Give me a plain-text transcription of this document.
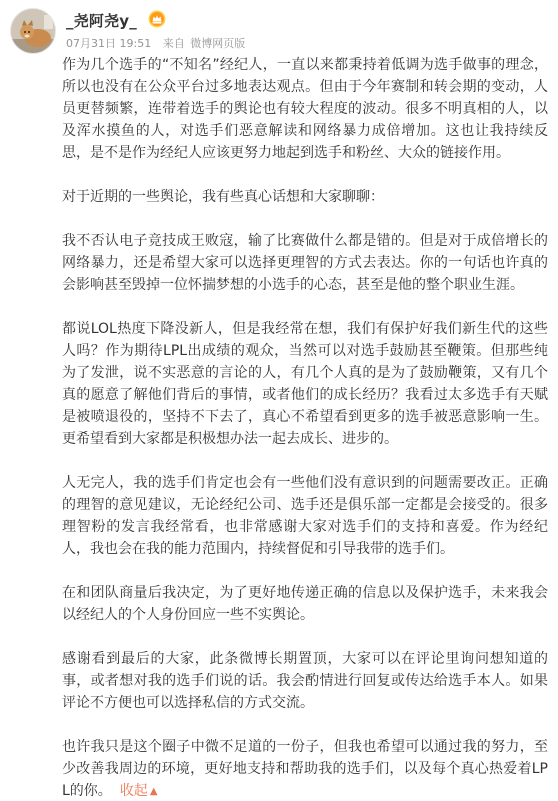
_尧阿尧y_
07月31日 19:51 来自 微博网页版

作为几个选手的“不知名”经纪人，一直以来都秉持着低调为选手做事的理念，所以也没有在公众平台过多地表达观点。但由于今年赛制和转会期的变动，人员更替频繁，连带着选手的舆论也有较大程度的波动。很多不明真相的人，以及浑水摸鱼的人，对选手们恶意解读和网络暴力成倍增加。这也让我持续反思，是不是作为经纪人应该更努力地起到选手和粉丝、大众的链接作用。

对于近期的一些舆论，我有些真心话想和大家聊聊：

我不否认电子竞技成王败寇，输了比赛做什么都是错的。但是对于成倍增长的网络暴力，还是希望大家可以选择更理智的方式去表达。你的一句话也许真的会影响甚至毁掉一位怀揣梦想的小选手的心态，甚至是他的整个职业生涯。

都说LOL热度下降没新人，但是我经常在想，我们有保护好我们新生代的这些人吗？作为期待LPL出成绩的观众，当然可以对选手鼓励甚至鞭策。但那些纯为了发泄，说不实恶意的言论的人，有几个人真的是为了鼓励鞭策，又有几个真的愿意了解他们背后的事情，或者他们的成长经历？我看过太多选手有天赋是被喷退役的，坚持不下去了，真心不希望看到更多的选手被恶意影响一生。更希望看到大家都是积极想办法一起去成长、进步的。

人无完人，我的选手们肯定也会有一些他们没有意识到的问题需要改正。正确的理智的意见建议，无论经纪公司、选手还是俱乐部一定都是会接受的。很多理智粉的发言我经常看，也非常感谢大家对选手们的支持和喜爱。作为经纪人，我也会在我的能力范围内，持续督促和引导我带的选手们。

在和团队商量后我决定，为了更好地传递正确的信息以及保护选手，未来我会以经纪人的个人身份回应一些不实舆论。

感谢看到最后的大家，此条微博长期置顶，大家可以在评论里询问想知道的事，或者想对我的选手们说的话。我会酌情进行回复或传达给选手本人。如果评论不方便也可以选择私信的方式交流。

也许我只是这个圈子中微不足道的一份子，但我也希望可以通过我的努力，至少改善我周边的环境，更好地支持和帮助我的选手们，以及每个真心热爱着LPL的你。 收起 ▲
